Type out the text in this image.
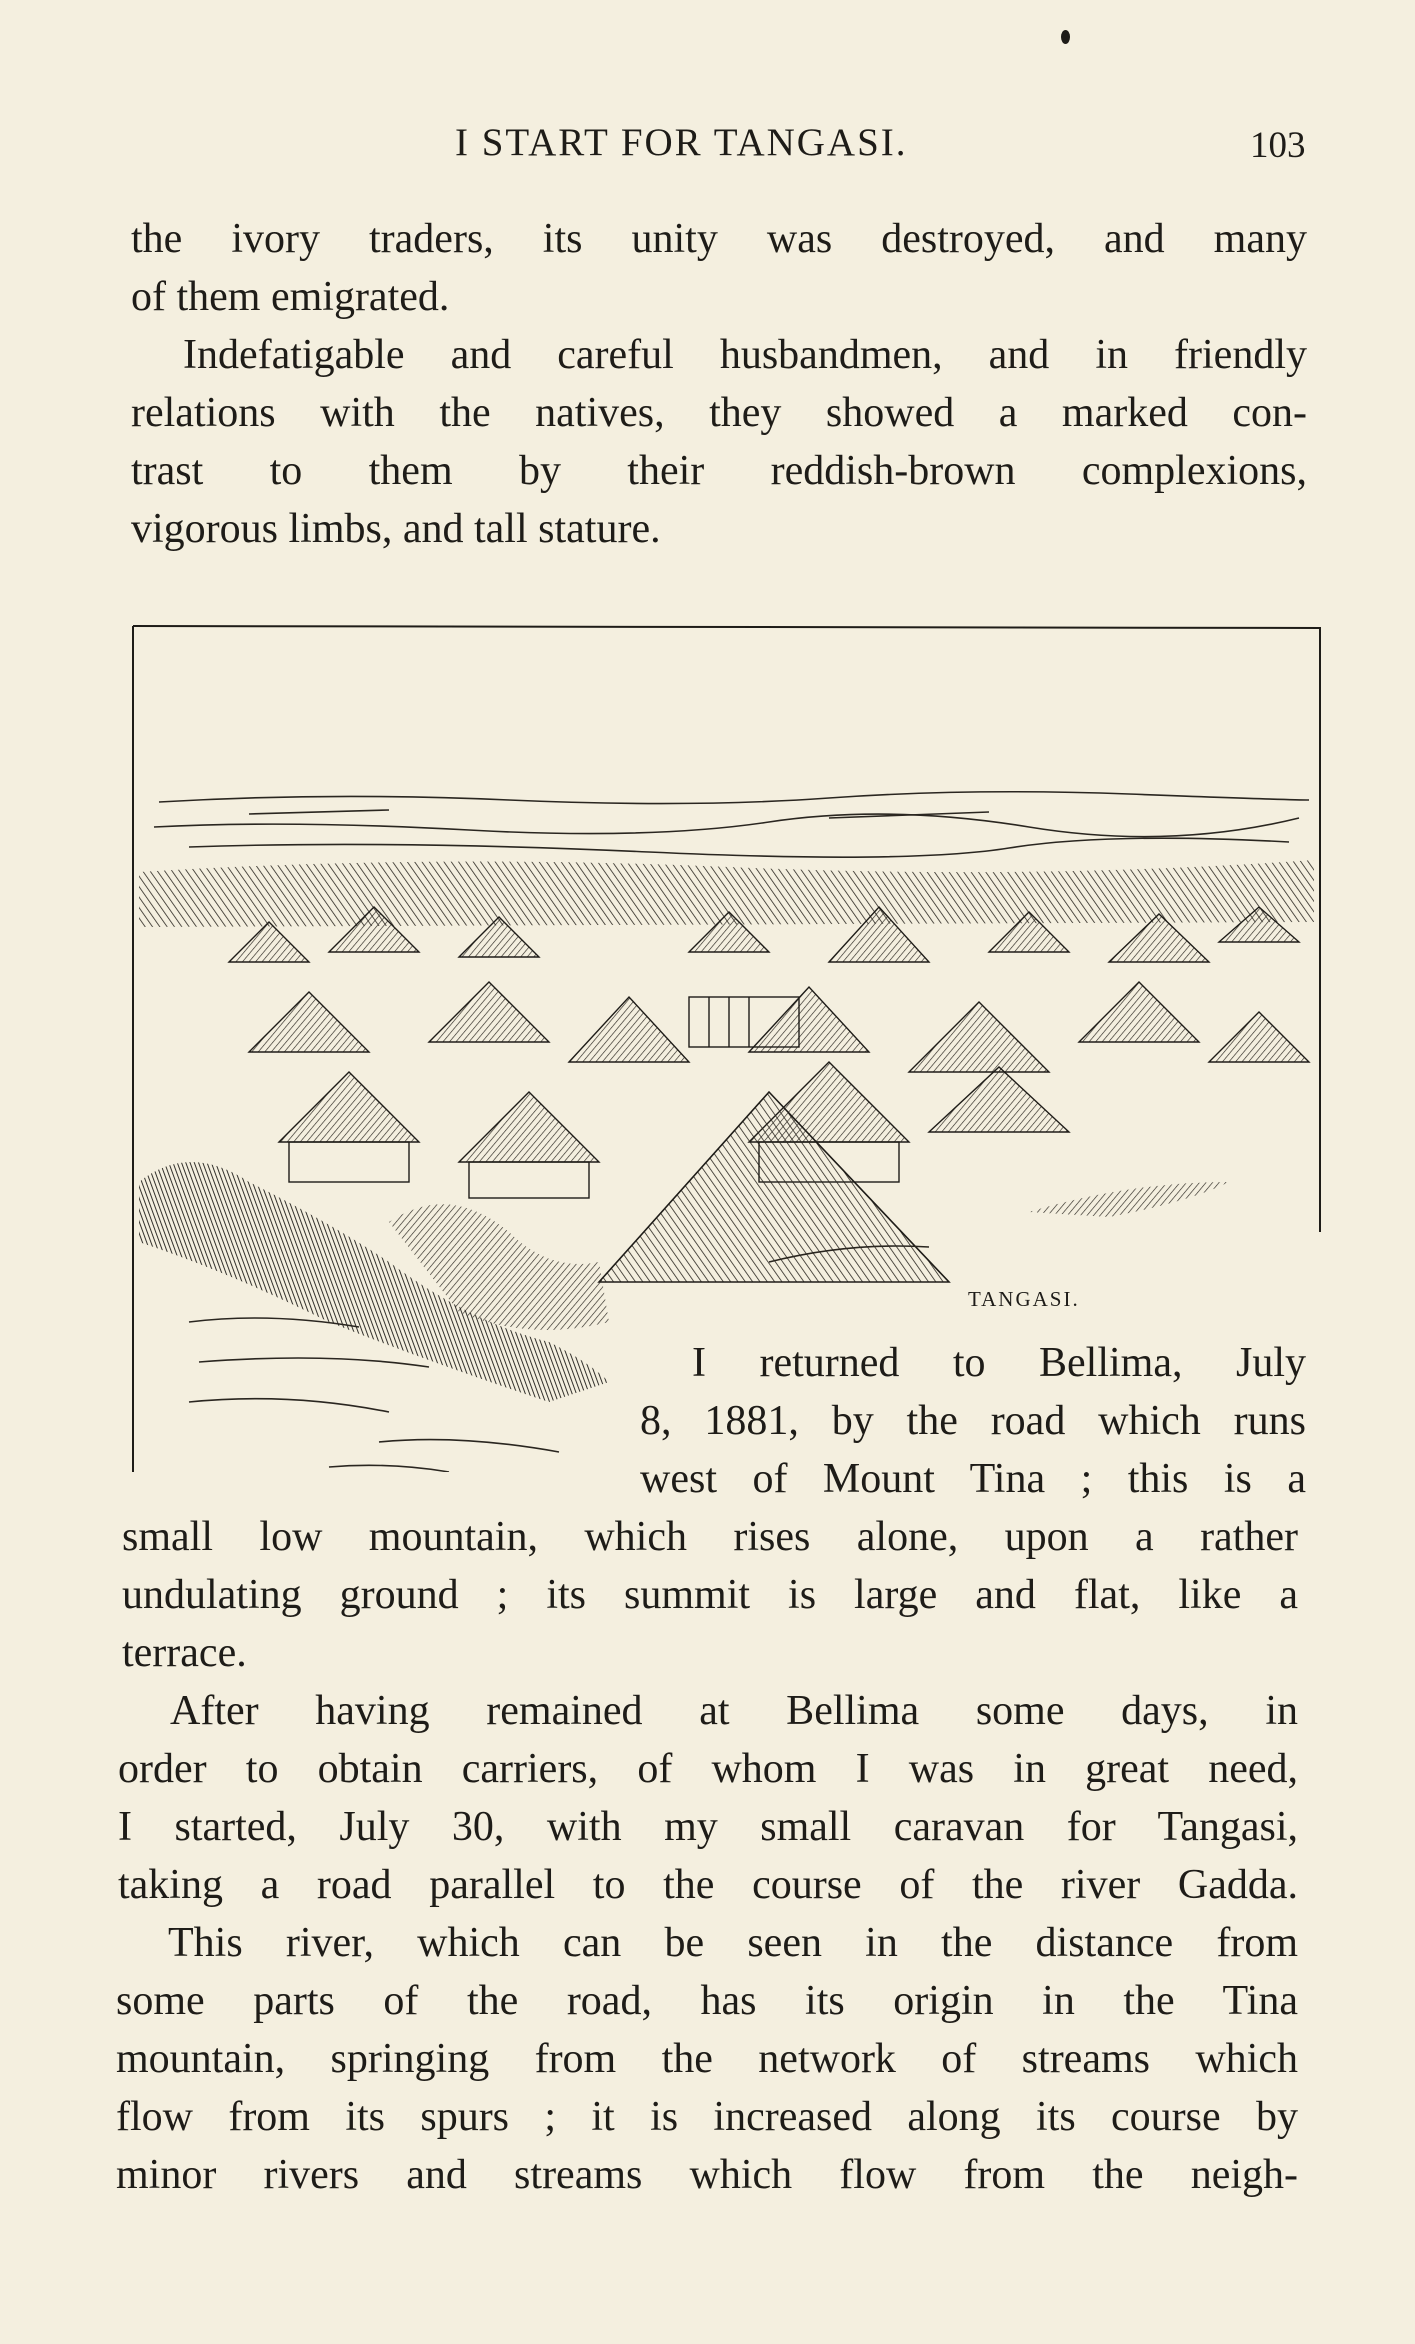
I START FOR TANGASI.	103
the ivory traders, its unity was destroyed, and many
of them emigrated.
Indefatigable and careful husbandmen, and in friendly
relations with the natives, they showed a marked con-
trast to them by their reddish-brown complexions,
vigorous limbs, and tall stature.
TANGASI.
I returned to Bellima, July
8, 1881, by the road which runs
west of Mount Tina ; this is a
small low mountain, which rises alone, upon a rather
undulating ground ; its summit is large and flat, like a
terrace.
After having remained at Bellima some days, in
order to obtain carriers, of whom I was in great need,
I started, July 30, with my small caravan for Tangasi,
taking a road parallel to the course of the river Gadda.
This river, which can be seen in the distance from
some parts of the road, has its origin in the Tina
mountain, springing from the network of streams which
flow from its spurs ; it is increased along its course by
minor rivers and streams which flow from the neigh-
